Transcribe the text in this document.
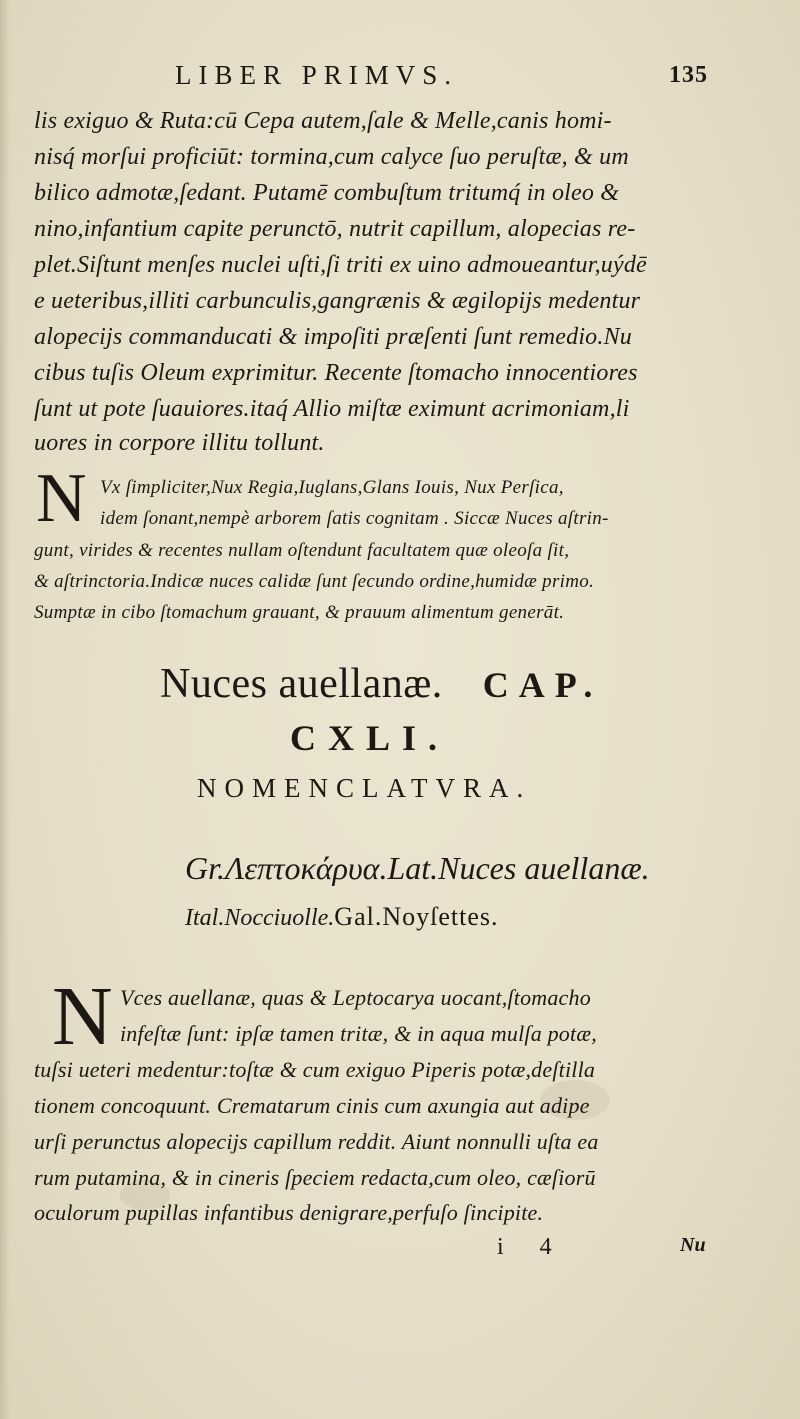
LIBER PRIMVS.	135
lis exiguo & Ruta:cū Cepa autem,ſale & Melle,canis homi-
nisq́ morſui proficiūt: tormina,cum calyce ſuo peruſtæ, & um
bilico admotæ,ſedant. Putamē combuſtum tritumq́ in oleo &
nino,infantium capite perunctō, nutrit capillum, alopecias re-
plet.Siſtunt menſes nuclei uſti,ſi triti ex uino admoueantur,uýdē
e ueteribus,illiti carbunculis,gangrænis & ægilopijs medentur
alopecijs commanducati & impoſiti præſenti ſunt remedio.Nu
cibus tuſis Oleum exprimitur. Recente ſtomacho innocentiores
ſunt ut pote ſuauiores.itaq́ Allio miſtæ eximunt acrimoniam,li
uores in corpore illitu tollunt.
N Vx ſimpliciter,Nux Regia,Iuglans,Glans Iouis, Nux Perſica,
idem ſonant,nempè arborem ſatis cognitam . Siccæ Nuces aſtrin-
gunt, virides & recentes nullam oſtendunt facultatem quæ oleoſa ſit,
& aſtrinctoria.Indicæ nuces calidæ ſunt ſecundo ordine,humidæ primo.
Sumptæ in cibo ſtomachum grauant, & prauum alimentum generāt.
Nuces auellanæ. CAP.
CXLI.
NOMENCLATVRA.
Gr.Λεπτοκάρυα.Lat.Nuces auellanæ.
Ital.Nocciuolle.Gal.Noyſettes.
N Vces auellanæ, quas & Leptocarya uocant,ſtomacho
infeſtæ ſunt: ipſæ tamen tritæ, & in aqua mulſa potæ,
tuſsi ueteri medentur:toſtæ & cum exiguo Piperis potæ,deſtilla
tionem concoquunt. Crematarum cinis cum axungia aut adipe
urſi perunctus alopecijs capillum reddit. Aiunt nonnulli uſta ea
rum putamina, & in cineris ſpeciem redacta,cum oleo, cæſiorū
oculorum pupillas infantibus denigrare,perfuſo ſincipite.
i 4	Nu
